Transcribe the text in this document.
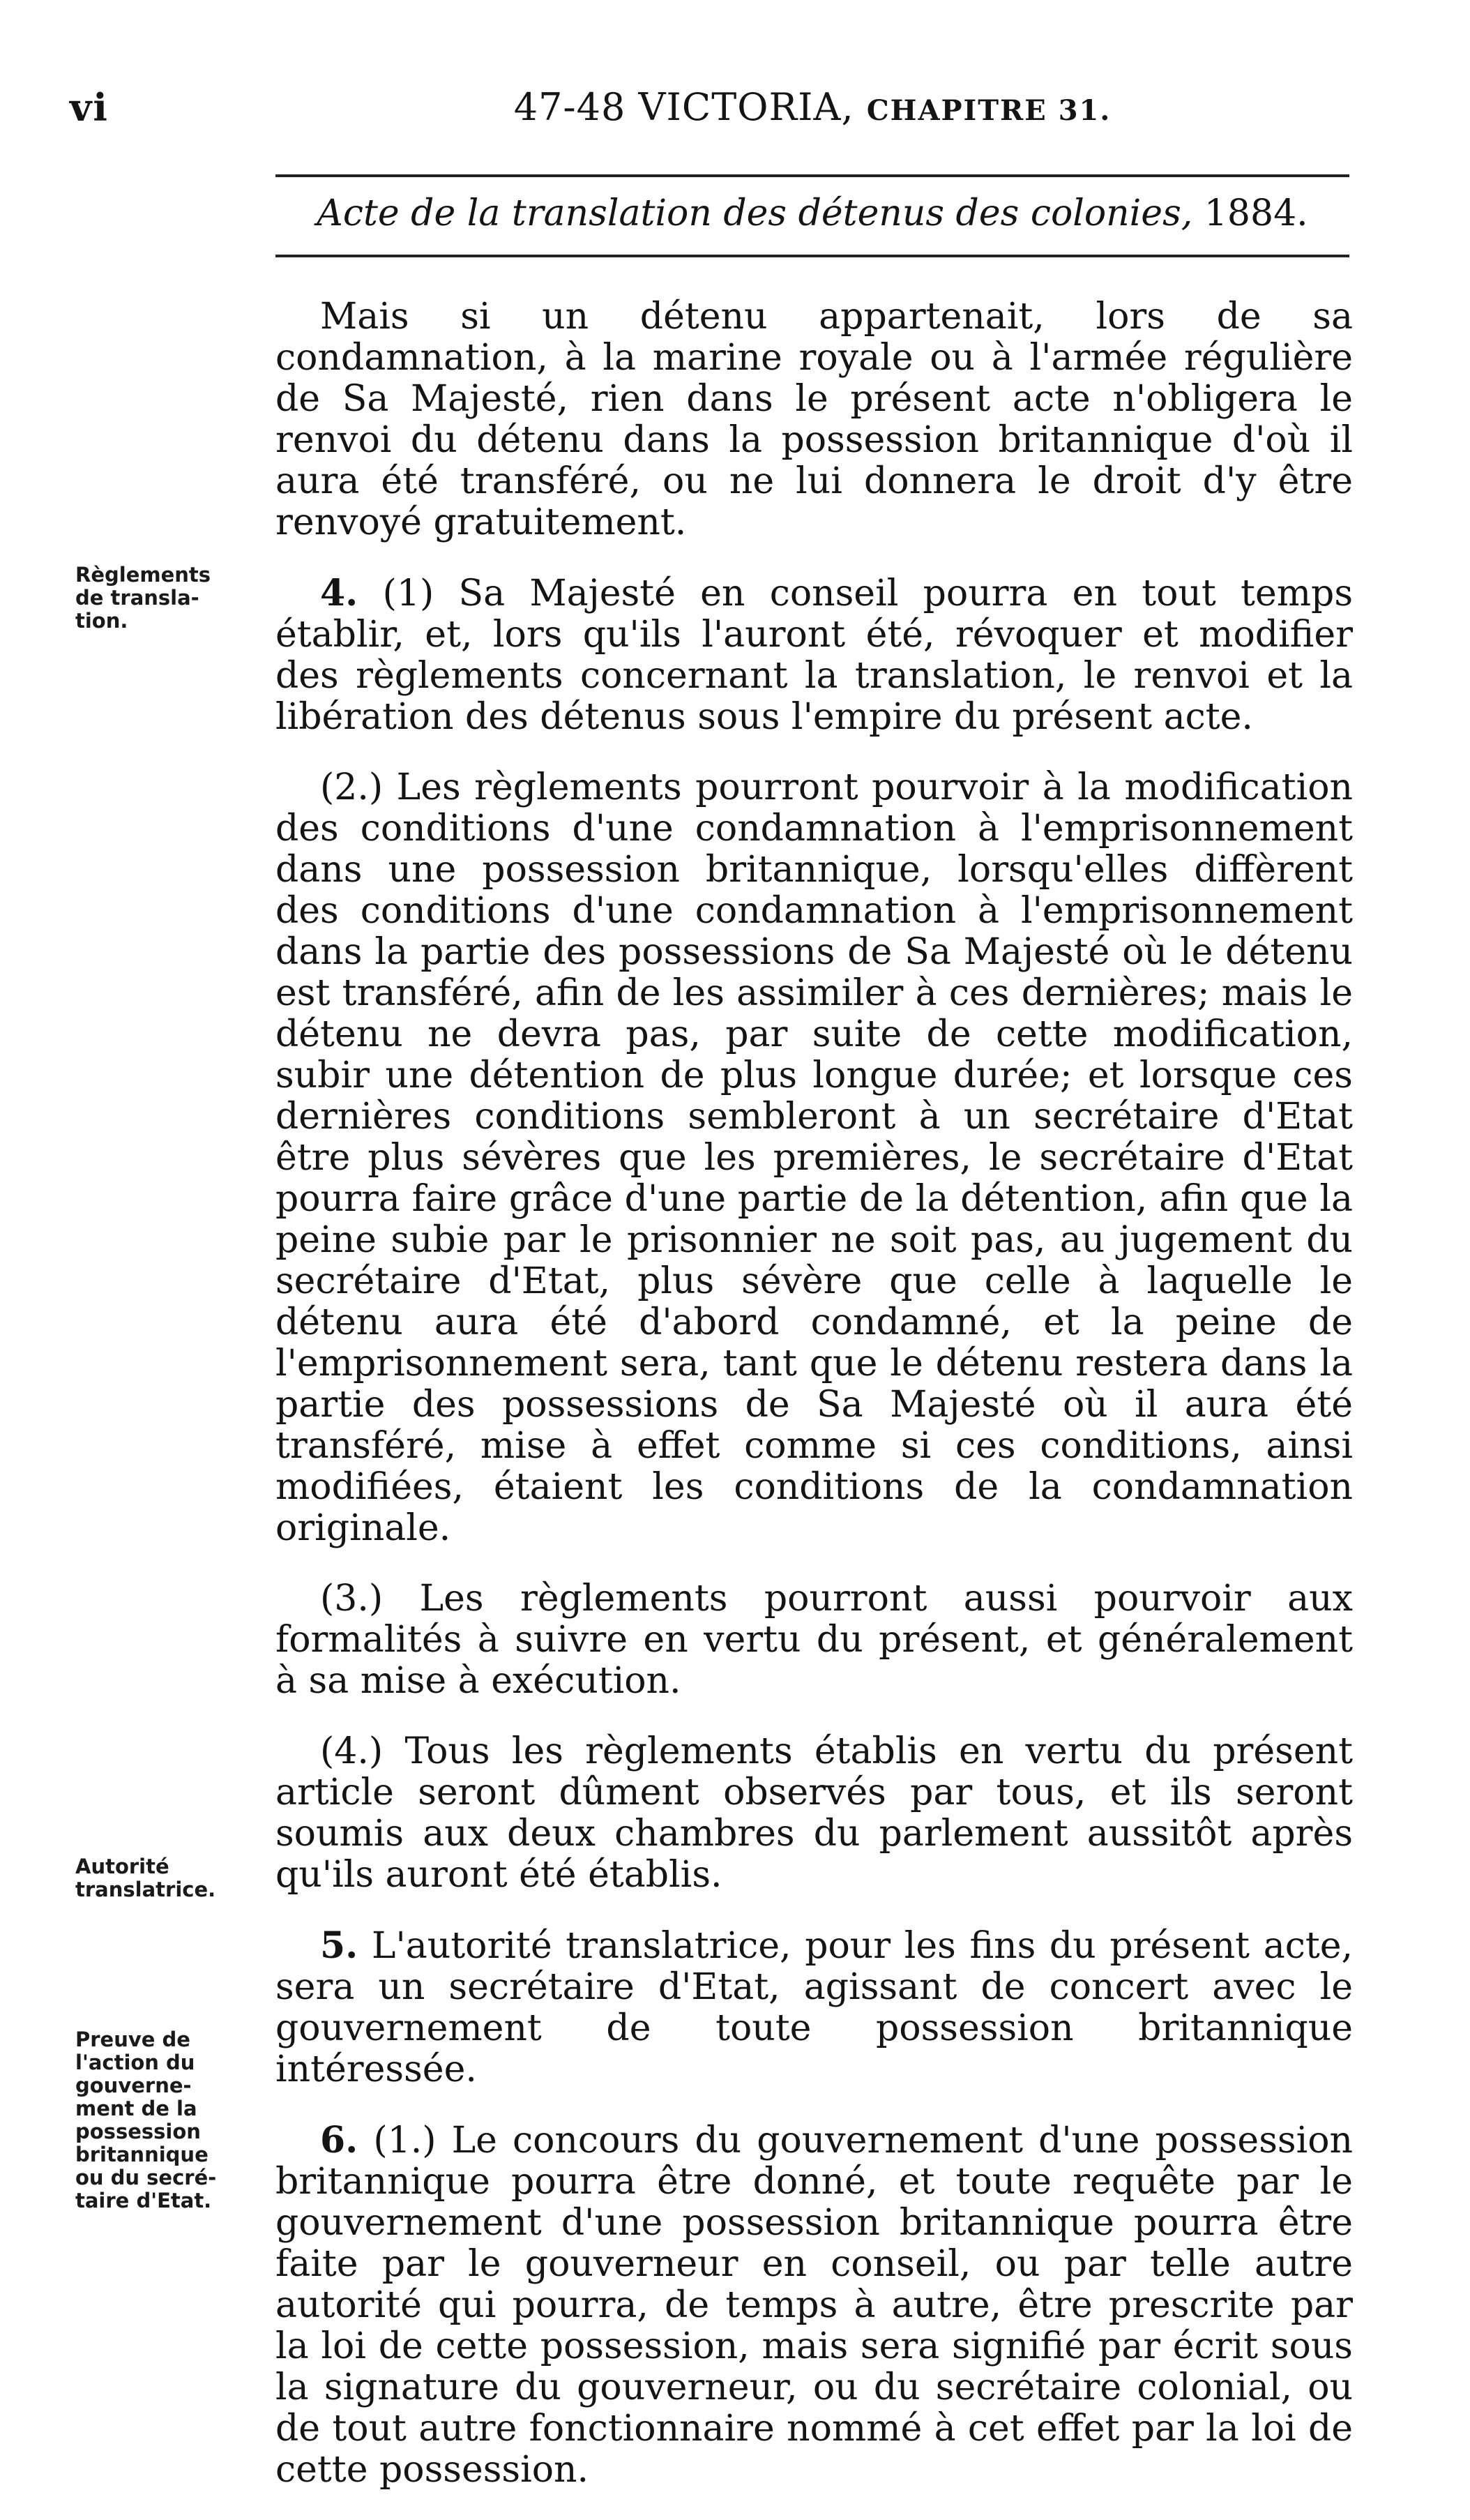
vi	47-48 VICTORIA, CHAPITRE 31.
Acte de la translation des détenus des colonies, 1884.
Règlements
de transla-
tion.
Autorité
translatrice.
Preuve de
l'action du
gouverne-
ment de la
possession
britannique
ou du secré-
taire d'Etat.

Mais si un détenu appartenait, lors de sa condamnation, à la marine royale ou à l'armée régulière de Sa Majesté, rien dans le présent acte n'obligera le renvoi du détenu dans la possession britannique d'où il aura été transféré, ou ne lui donnera le droit d'y être renvoyé gratuitement.

4. (1) Sa Majesté en conseil pourra en tout temps établir, et, lors qu'ils l'auront été, révoquer et modifier des règlements concernant la translation, le renvoi et la libération des détenus sous l'empire du présent acte.

(2.) Les règlements pourront pourvoir à la modification des conditions d'une condamnation à l'emprisonnement dans une possession britannique, lorsqu'elles diffèrent des conditions d'une condamnation à l'emprisonnement dans la partie des possessions de Sa Majesté où le détenu est transféré, afin de les assimiler à ces dernières; mais le détenu ne devra pas, par suite de cette modification, subir une détention de plus longue durée; et lorsque ces dernières conditions sembleront à un secrétaire d'Etat être plus sévères que les premières, le secrétaire d'Etat pourra faire grâce d'une partie de la détention, afin que la peine subie par le prisonnier ne soit pas, au jugement du secrétaire d'Etat, plus sévère que celle à laquelle le détenu aura été d'abord condamné, et la peine de l'emprisonnement sera, tant que le détenu restera dans la partie des possessions de Sa Majesté où il aura été transféré, mise à effet comme si ces conditions, ainsi modifiées, étaient les conditions de la condamnation originale.

(3.) Les règlements pourront aussi pourvoir aux formalités à suivre en vertu du présent, et généralement à sa mise à exécution.

(4.) Tous les règlements établis en vertu du présent article seront dûment observés par tous, et ils seront soumis aux deux chambres du parlement aussitôt après qu'ils auront été établis.

5. L'autorité translatrice, pour les fins du présent acte, sera un secrétaire d'Etat, agissant de concert avec le gouvernement de toute possession britannique intéressée.

6. (1.) Le concours du gouvernement d'une possession britannique pourra être donné, et toute requête par le gouvernement d'une possession britannique pourra être faite par le gouverneur en conseil, ou par telle autre autorité qui pourra, de temps à autre, être prescrite par la loi de cette possession, mais sera signifié par écrit sous la signature du gouverneur, ou du secrétaire colonial, ou de tout autre fonctionnaire nommé à cet effet par la loi de cette possession.
